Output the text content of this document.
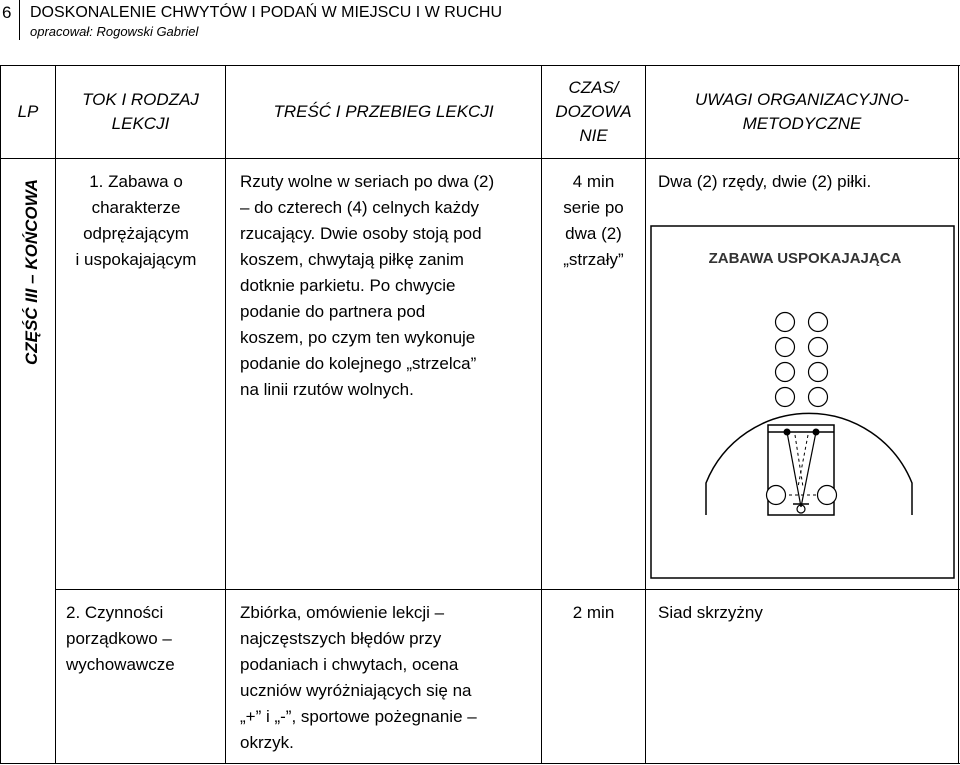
6 DOSKONALENIE CHWYTÓW I PODAŃ W MIEJSCU I W RUCHU
opracował: Rogowski Gabriel
LP
TOK I RODZAJ
LEKCJI
TREŚĆ I PRZEBIEG LEKCJI
CZAS/
DOZOWA
NIE
UWAGI ORGANIZACYJNO-
METODYCZNE
CZĘŚĆ III – KOŃCOWA	1. Zabawa o
charakterze
odprężającym
i uspokajającym
Rzuty wolne w seriach po dwa (2)
– do czterech (4) celnych każdy
rzucający. Dwie osoby stoją pod
koszem, chwytają piłkę zanim
dotknie parkietu. Po chwycie
podanie do partnera pod
koszem, po czym ten wykonuje
podanie do kolejnego „strzelca”
na linii rzutów wolnych.
4 min
serie po
dwa (2)
„strzały”
Dwa (2) rzędy, dwie (2) piłki.
ZABAWA USPOKAJAJĄCA
2. Czynności
porządkowo –
wychowawcze
Zbiórka, omówienie lekcji –
najczęstszych błędów przy
podaniach i chwytach, ocena
uczniów wyróżniających się na
„+” i „-”, sportowe pożegnanie –
okrzyk.
2 min	Siad skrzyżny
